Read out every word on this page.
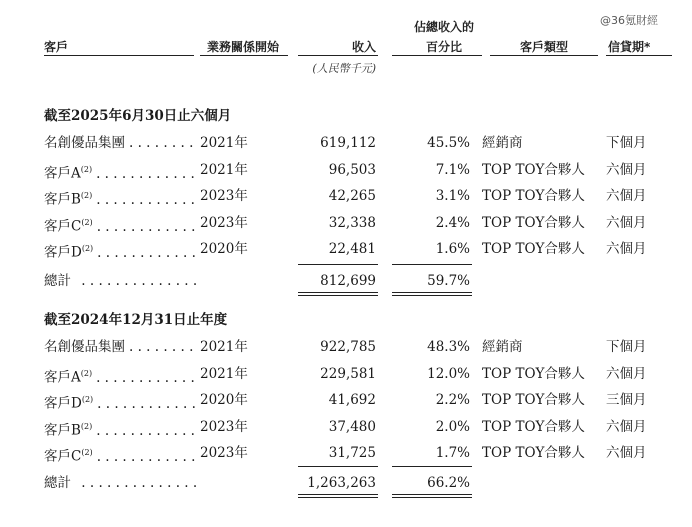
@36氪財經
佔總收入的
客戶	業務關係開始	收入	百分比	客戶類型	信貸期*
(人民幣千元)
截至2025年6月30日止六個月
名創優品集團 . . . . . . . . 2021年	619,112	45.5% 經銷商	下個月
客戶$A^{(2)}$ . . . . . . . . . . . . 2021年	96,503	7.1% TOP TOY合夥人 六個月
客戶$B^{(2)}$ . . . . . . . . . . . . 2023年	42,265	3.1% TOP TOY合夥人 六個月
客戶$C^{(2)}$ . . . . . . . . . . . . 2023年	32,338	2.4% TOP TOY合夥人 六個月
客戶$D^{(2)}$ . . . . . . . . . . . . 2020年	22,481	1.6% TOP TOY合夥人 六個月
總計 . . . . . . . . . . . . . .	812,699	59.7%
截至2024年12月31日止年度
名創優品集團 . . . . . . . . 2021年	922,785	48.3% 經銷商	下個月
客戶$A^{(2)}$ . . . . . . . . . . . . 2021年	229,581	12.0% TOP TOY合夥人 六個月
客戶$D^{(2)}$ . . . . . . . . . . . . 2020年	41,692	2.2% TOP TOY合夥人 三個月
客戶$B^{(2)}$ . . . . . . . . . . . . 2023年	37,480	2.0% TOP TOY合夥人 六個月
客戶$C^{(2)}$ . . . . . . . . . . . . 2023年	31,725	1.7% TOP TOY合夥人 六個月
總計 . . . . . . . . . . . . . .	1,263,263	66.2%
